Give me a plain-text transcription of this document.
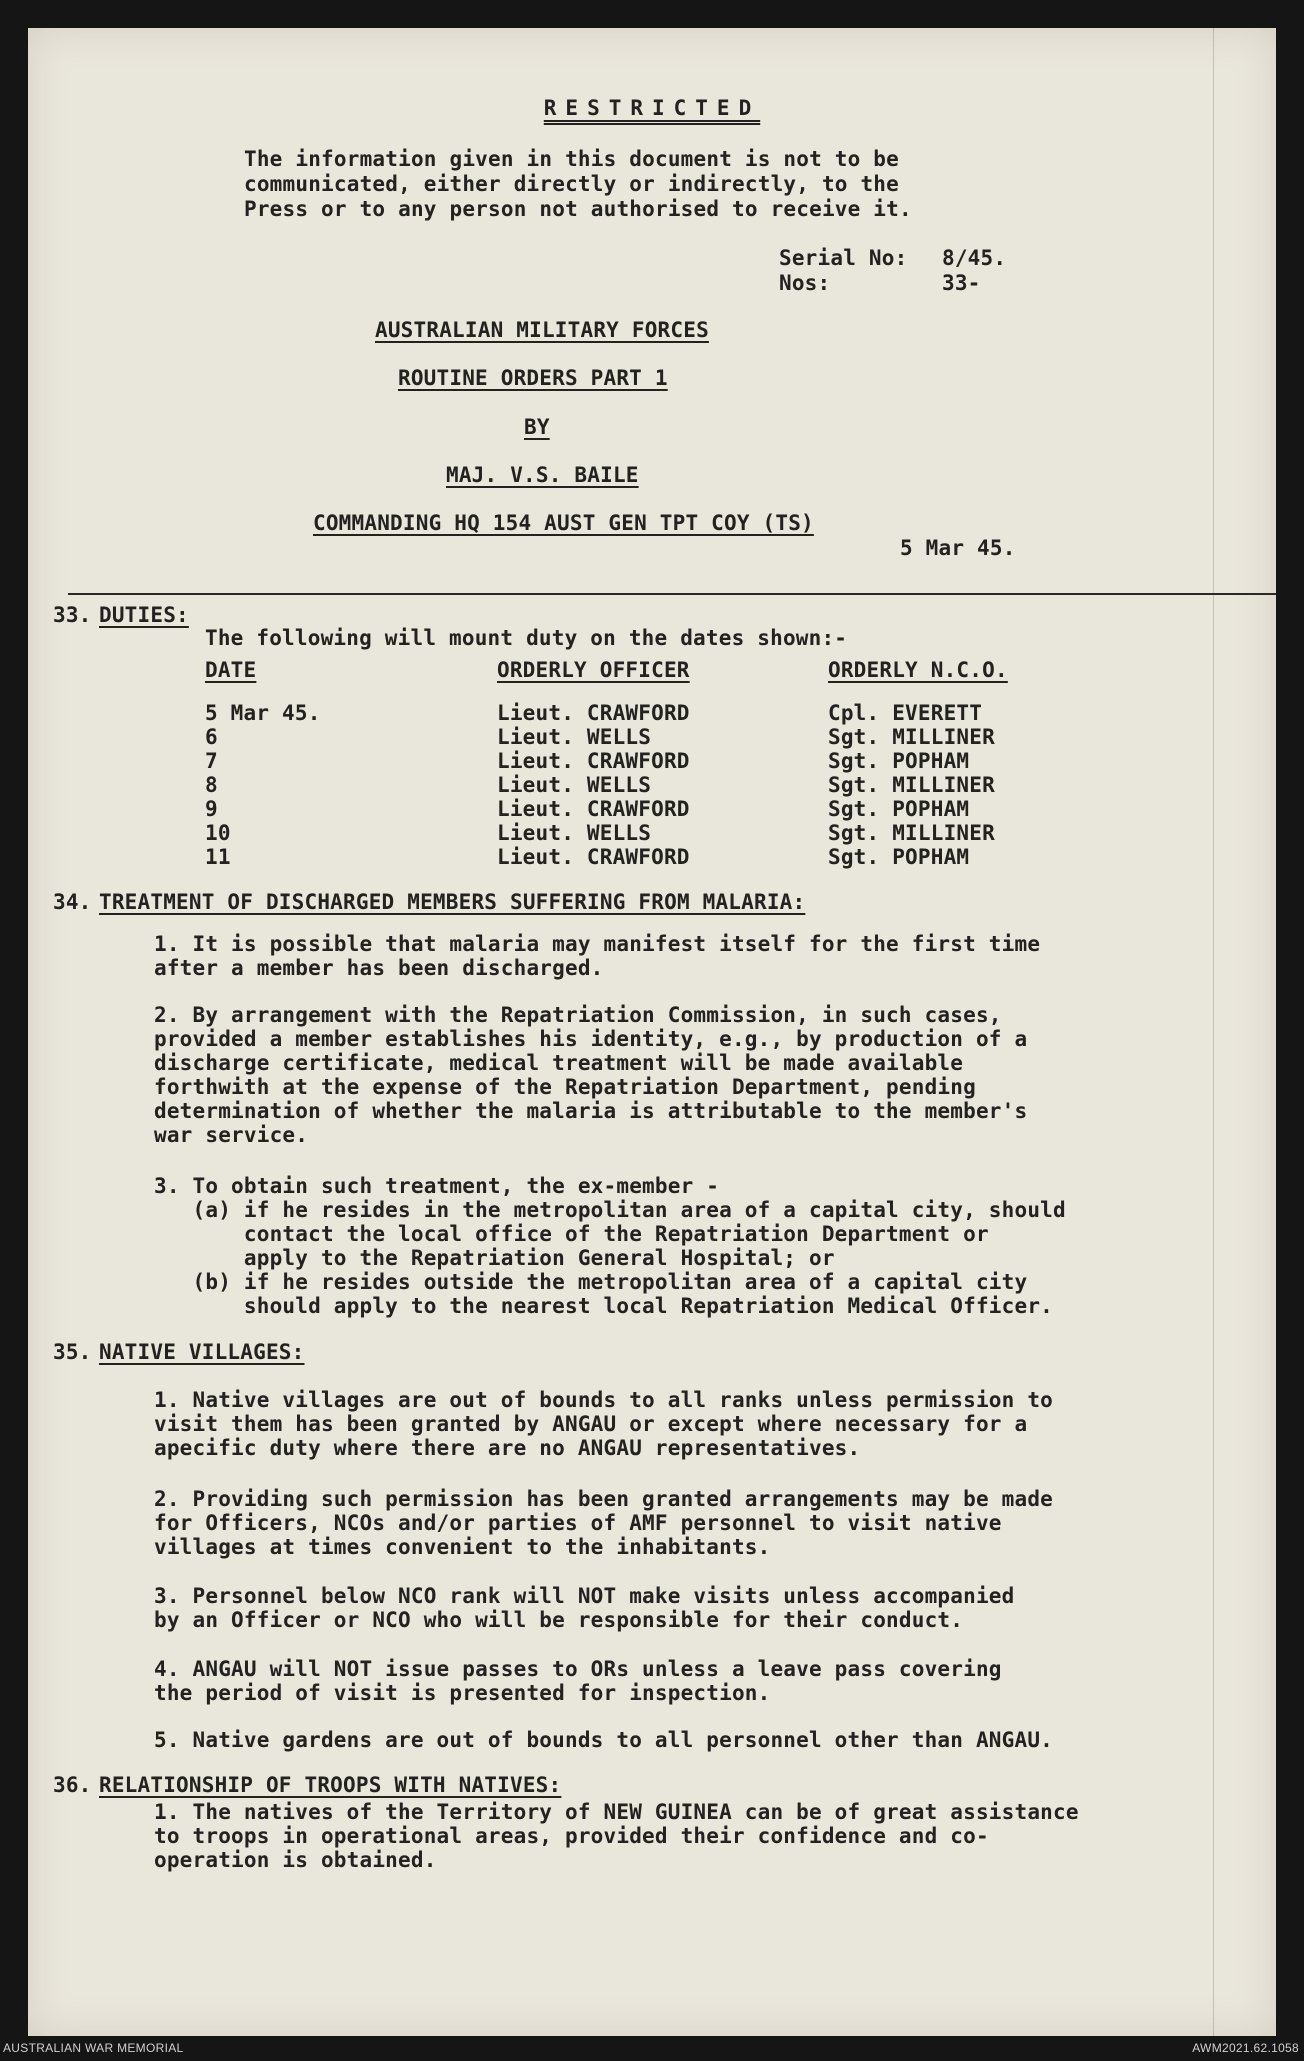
RESTRICTED
The information given in this document is not to be
communicated, either directly or indirectly, to the
Press or to any person not authorised to receive it.
Serial No: 8/45.
Nos:	33-
AUSTRALIAN MILITARY FORCES
ROUTINE ORDERS PART 1
BY
MAJ. V.S. BAILE
COMMANDING HQ 154 AUST GEN TPT COY (TS)
5 Mar 45.
33. DUTIES:
The following will mount duty on the dates shown:-
DATE	ORDERLY OFFICER	ORDERLY N.C.O.
5 Mar 45.	Lieut. CRAWFORD	Cpl. EVERETT
6	Lieut. WELLS	Sgt. MILLINER
7	Lieut. CRAWFORD	Sgt. POPHAM
8	Lieut. WELLS	Sgt. MILLINER
9	Lieut. CRAWFORD	Sgt. POPHAM
10	Lieut. WELLS	Sgt. MILLINER
11	Lieut. CRAWFORD	Sgt. POPHAM
34. TREATMENT OF DISCHARGED MEMBERS SUFFERING FROM MALARIA:
1. It is possible that malaria may manifest itself for the first time
after a member has been discharged.
2. By arrangement with the Repatriation Commission, in such cases,
provided a member establishes his identity, e.g., by production of a
discharge certificate, medical treatment will be made available
forthwith at the expense of the Repatriation Department, pending
determination of whether the malaria is attributable to the member's
war service.
3. To obtain such treatment, the ex-member -
(a) if he resides in the metropolitan area of a capital city, should
contact the local office of the Repatriation Department or
apply to the Repatriation General Hospital; or
(b) if he resides outside the metropolitan area of a capital city
should apply to the nearest local Repatriation Medical Officer.
35. NATIVE VILLAGES:
1. Native villages are out of bounds to all ranks unless permission to
visit them has been granted by ANGAU or except where necessary for a
apecific duty where there are no ANGAU representatives.
2. Providing such permission has been granted arrangements may be made
for Officers, NCOs and/or parties of AMF personnel to visit native
villages at times convenient to the inhabitants.
3. Personnel below NCO rank will NOT make visits unless accompanied
by an Officer or NCO who will be responsible for their conduct.
4. ANGAU will NOT issue passes to ORs unless a leave pass covering
the period of visit is presented for inspection.
5. Native gardens are out of bounds to all personnel other than ANGAU.
36. RELATIONSHIP OF TROOPS WITH NATIVES:
1. The natives of the Territory of NEW GUINEA can be of great assistance
to troops in operational areas, provided their confidence and co-
operation is obtained.
AUSTRALIAN WAR MEMORIAL	AWM2021.62.1058
